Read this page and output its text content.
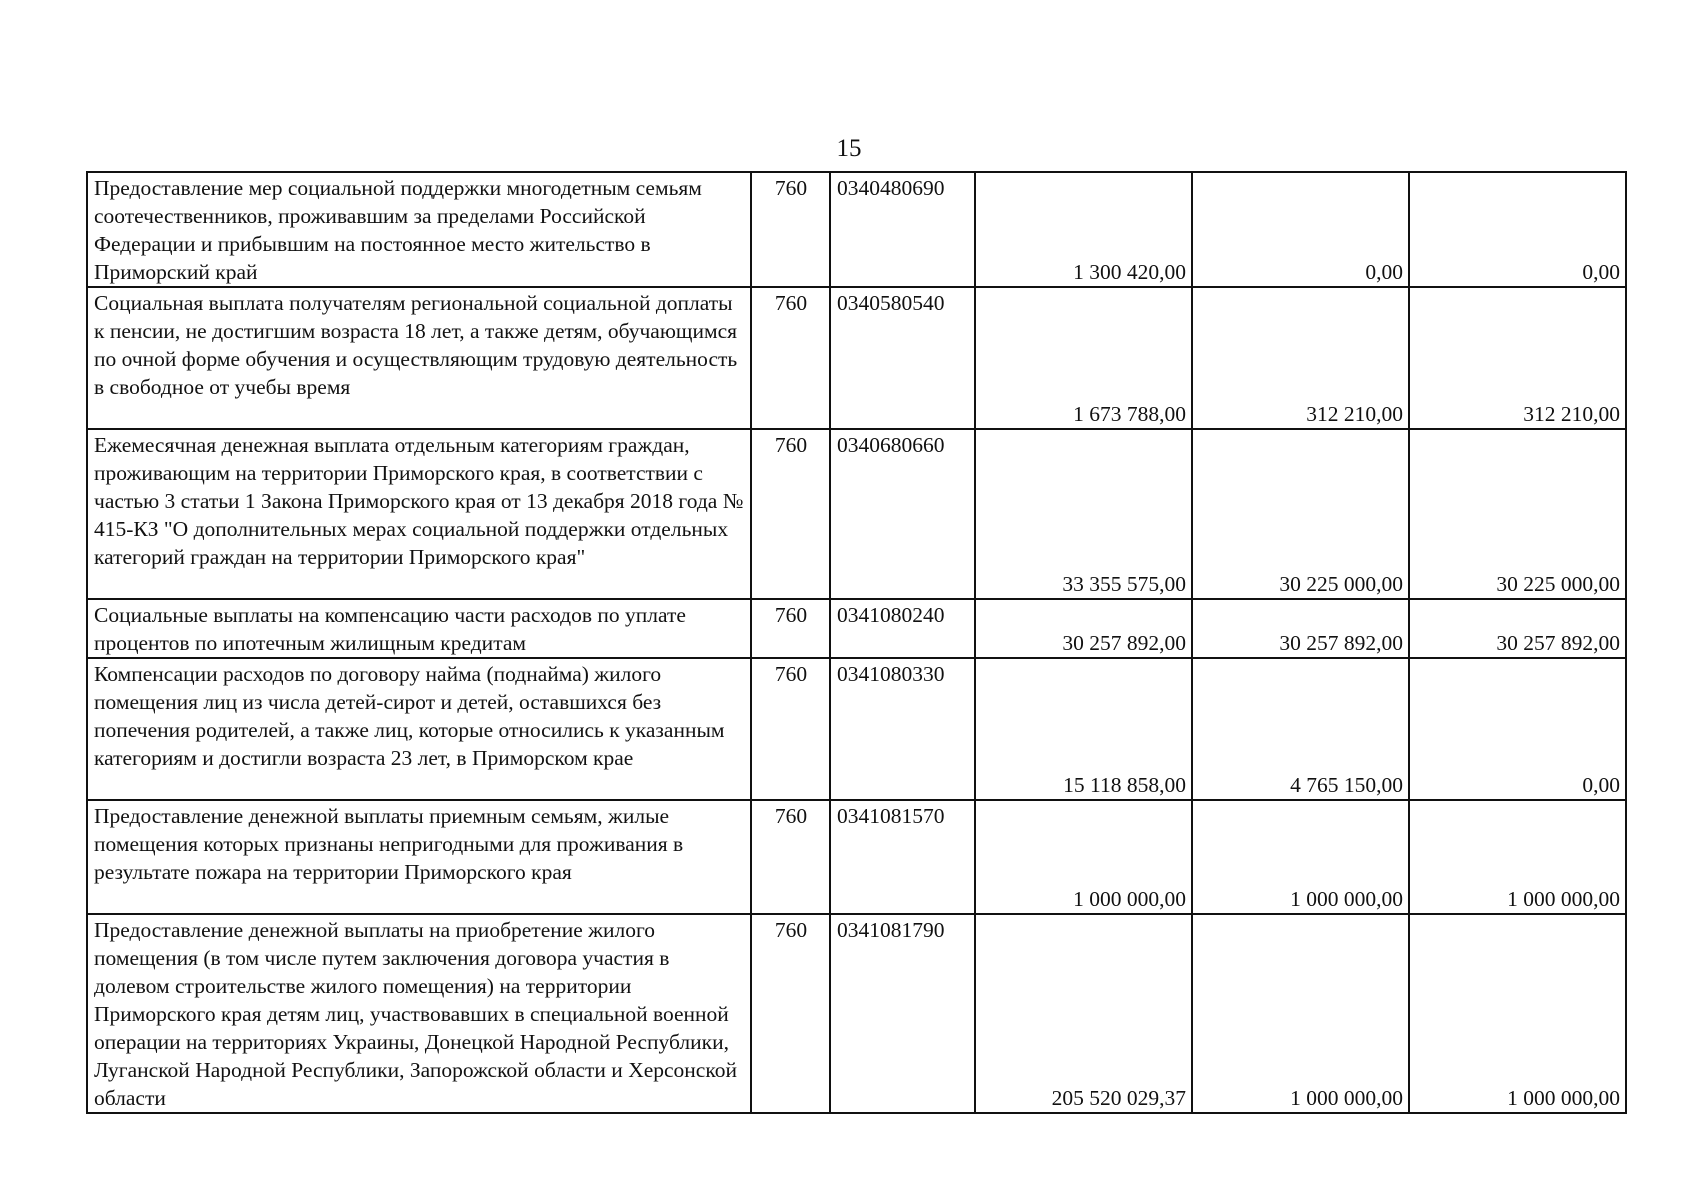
15
Предоставление мер социальной поддержки многодетным семьям соотечественников, проживавшим за пределами Российской Федерации и прибывшим на постоянное место жительство в Приморский край	760	0340480690	1 300 420,00	0,00	0,00
Социальная выплата получателям региональной социальной доплаты к пенсии, не достигшим возраста 18 лет, а также детям, обучающимся по очной форме обучения и осуществляющим трудовую деятельность в свободное от учебы время	760	0340580540	1 673 788,00	312 210,00	312 210,00
Ежемесячная денежная выплата отдельным категориям граждан, проживающим на территории Приморского края, в соответствии с частью 3 статьи 1 Закона Приморского края от 13 декабря 2018 года № 415-КЗ "О дополнительных мерах социальной поддержки отдельных категорий граждан на территории Приморского края"	760	0340680660	33 355 575,00	30 225 000,00	30 225 000,00
Социальные выплаты на компенсацию части расходов по уплате процентов по ипотечным жилищным кредитам	760	0341080240	30 257 892,00	30 257 892,00	30 257 892,00
Компенсации расходов по договору найма (поднайма) жилого помещения лиц из числа детей-сирот и детей, оставшихся без попечения родителей, а также лиц, которые относились к указанным категориям и достигли возраста 23 лет, в Приморском крае	760	0341080330	15 118 858,00	4 765 150,00	0,00
Предоставление денежной выплаты приемным семьям, жилые помещения которых признаны непригодными для проживания в результате пожара на территории Приморского края	760	0341081570	1 000 000,00	1 000 000,00	1 000 000,00
Предоставление денежной выплаты на приобретение жилого помещения (в том числе путем заключения договора участия в долевом строительстве жилого помещения) на территории Приморского края детям лиц, участвовавших в специальной военной операции на территориях Украины, Донецкой Народной Республики, Луганской Народной Республики, Запорожской области и Херсонской области	760	0341081790	205 520 029,37	1 000 000,00	1 000 000,00
